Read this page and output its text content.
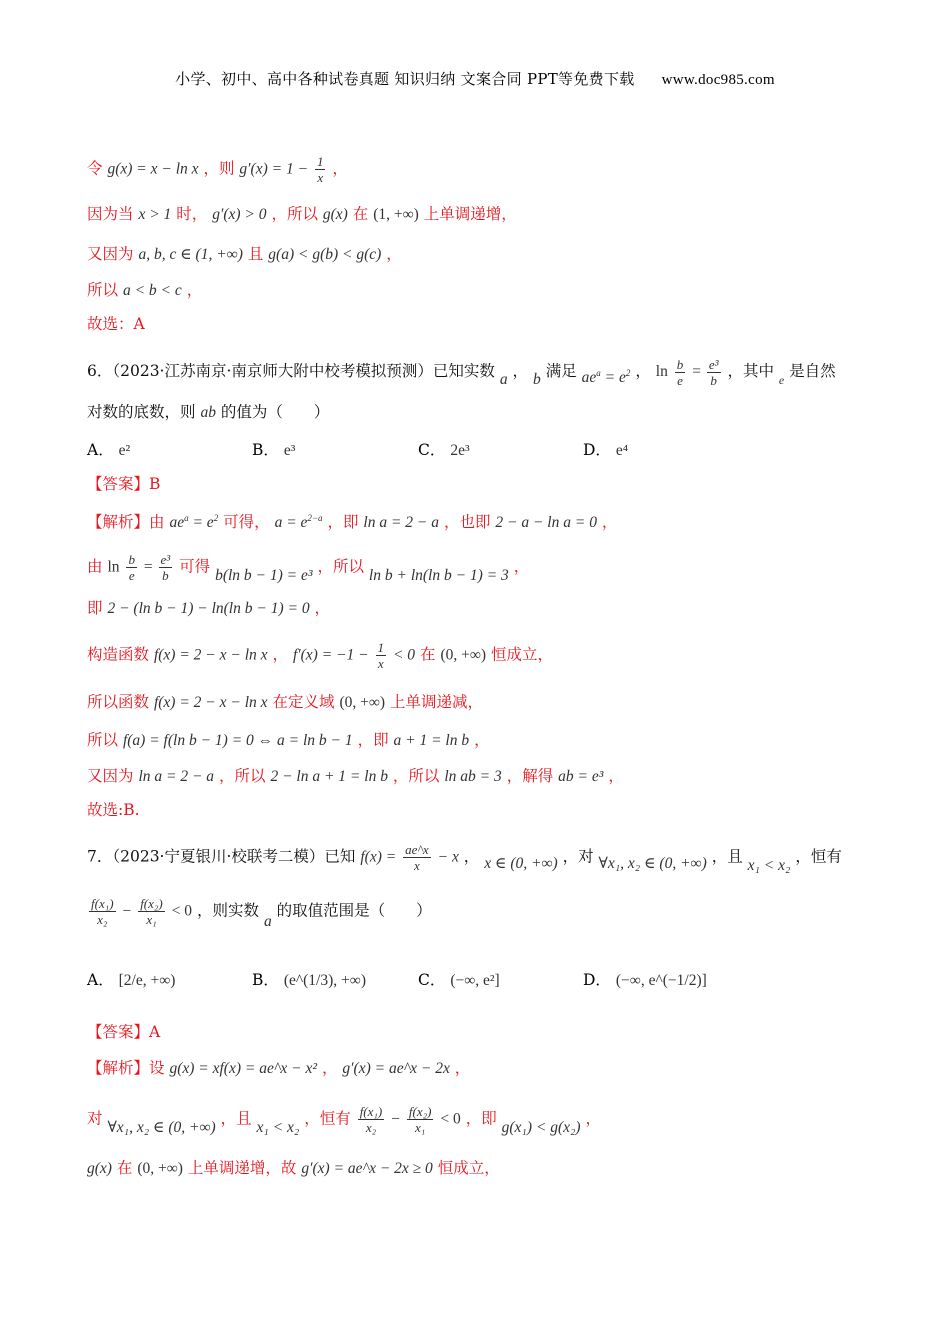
小学、初中、高中各种试卷真题 知识归纳 文案合同 PPT等免费下载 www.doc985.com
令 g(x) = x − ln x ，则 $g'(x) = 1 - \frac{1}{x}$ ，
因为当 x > 1 时， g′(x) > 0 ，所以 g(x) 在 (1, +∞) 上单调递增，
又因为 a, b, c ∈ (1, +∞) 且 g(a) < g(b) < g(c) ，
所以 a < b < c ，
故选：A
6．（2023·江苏南京·南京师大附中校考模拟预测）已知实数 a ， b 满足 $ae^a = e^2$ ， $\ln \frac{b}{e} = \frac{\text{e³}}{b}$ ，其中 $_e$ 是自然
对数的底数，则 ab 的值为（　　）
A． e²	B． e³	C． 2e³	D． e⁴
【答案】B
【解析】由 $ae^a = e^2$ 可得， $a = e^{2-a}$ ，即 ln a = 2 − a ，也即 2 − a − ln a = 0 ，
由 $\ln \frac{b}{e} = \frac{\text{e³}}{b}$ 可得 b(ln b − 1) = e³ ，所以 ln b + ln(ln b − 1) = 3 ，
即 2 − (ln b − 1) − ln(ln b − 1) = 0 ，
构造函数 f(x) = 2 − x − ln x ， $f'(x) = -1 - \frac{1}{x} < 0$ 在 (0, +∞) 恒成立，
所以函数 f(x) = 2 − x − ln x 在定义域 (0, +∞) 上单调递减，
所以 f(a) = f(ln b − 1) = 0 ⇔ a = ln b − 1 ，即 a + 1 = ln b ，
又因为 ln a = 2 − a ，所以 2 − ln a + 1 = ln b ，所以 ln ab = 3 ，解得 ab = e³ ，
故选:B.
7．（2023·宁夏银川·校联考二模）已知 $f(x) = \frac{ae\^{}x}{x} - x$ ， x ∈ (0, +∞) ，对 ∀x₁, x₂ ∈ (0, +∞) ，且 x₁ < x₂ ，恒有
$\frac{\text{f(x₁)}}{\text{x₂}} - \frac{\text{f(x₂)}}{\text{x₁}} < 0$ ，则实数 a 的取值范围是（　　）
A． [2/e, +∞)	B． (e^(1/3), +∞)	C． (−∞, e²]	D． (−∞, e^(−1/2)]
【答案】A
【解析】设 g(x) = xf(x) = ae^x − x² ， g′(x) = ae^x − 2x ，
对 ∀x₁, x₂ ∈ (0, +∞) ，且 x₁ < x₂ ，恒有 $\frac{\text{f(x₁)}}{\text{x₂}} - \frac{\text{f(x₂)}}{\text{x₁}} < 0$ ，即 g(x₁) < g(x₂) ，
g(x) 在 (0, +∞) 上单调递增，故 g′(x) = ae^x − 2x ≥ 0 恒成立，
